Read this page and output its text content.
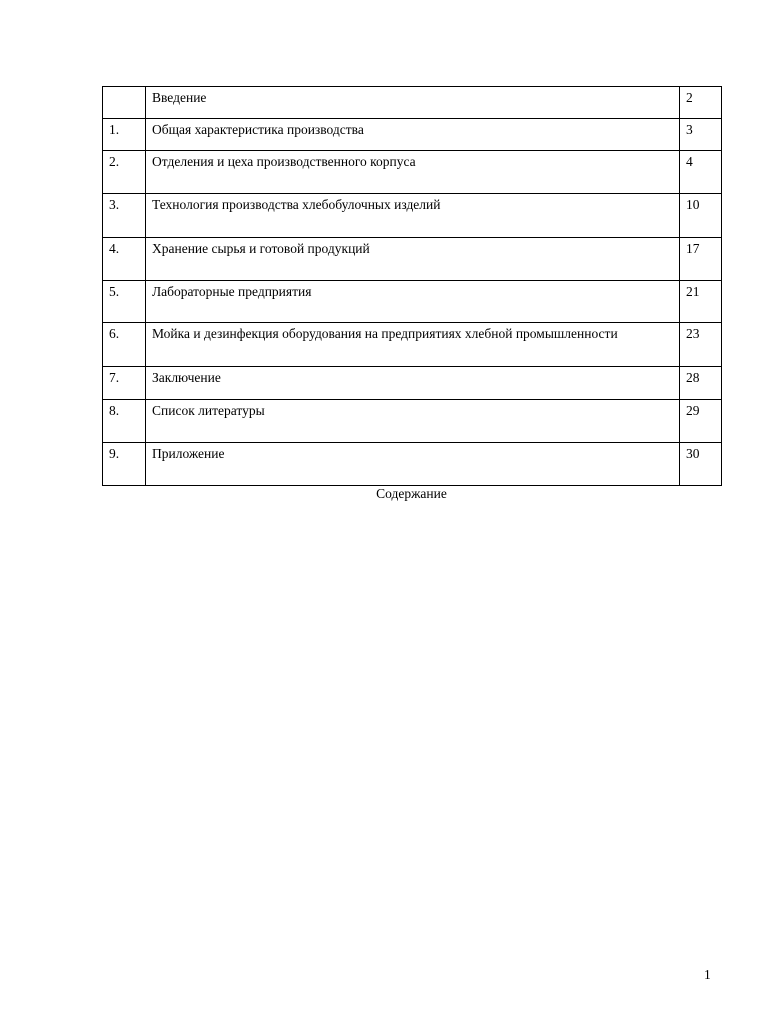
	Введение	2
1.	Общая характеристика производства	3
2.	Отделения и цеха производственного корпуса	4
3.	Технология производства хлебобулочных изделий	10
4.	Хранение сырья и готовой продукций	17
5.	Лабораторные предприятия	21
6.	Мойка и дезинфекция оборудования на предприятиях хлебной промышленности	23
7.	Заключение	28
8.	Список литературы	29
9.	Приложение	30
Содержание
1
